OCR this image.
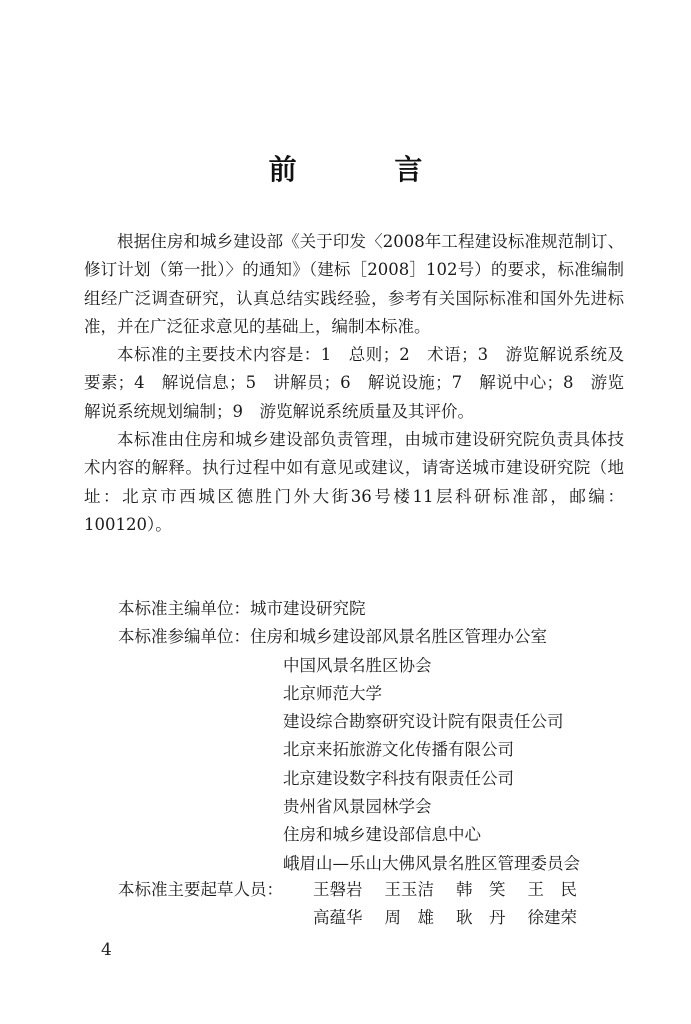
前 言

根据住房和城乡建设部《关于印发〈2008年工程建设标准规范制订、修订计划（第一批）〉的通知》（建标［2008］102号）的要求，标准编制组经广泛调查研究，认真总结实践经验，参考有关国际标准和国外先进标准，并在广泛征求意见的基础上，编制本标准。

本标准的主要技术内容是：1　总则；2　术语；3　游览解说系统及要素；4　解说信息；5　讲解员；6　解说设施；7　解说中心；8　游览解说系统规划编制；9　游览解说系统质量及其评价。

本标准由住房和城乡建设部负责管理，由城市建设研究院负责具体技术内容的解释。执行过程中如有意见或建议，请寄送城市建设研究院（地址：北京市西城区德胜门外大街36号楼11层科研标准部，邮编：100120）。

本标准主编单位： 城市建设研究院
本标准参编单位： 住房和城乡建设部风景名胜区管理办公室
中国风景名胜区协会
北京师范大学
建设综合勘察研究设计院有限责任公司
北京来拓旅游文化传播有限公司
北京建设数字科技有限责任公司
贵州省风景园林学会
住房和城乡建设部信息中心
峨眉山—乐山大佛风景名胜区管理委员会
本标准主要起草人员： 王磐岩 王玉洁 韩　笑 王　民
高蕴华 周　雄 耿　丹 徐建荣
4
